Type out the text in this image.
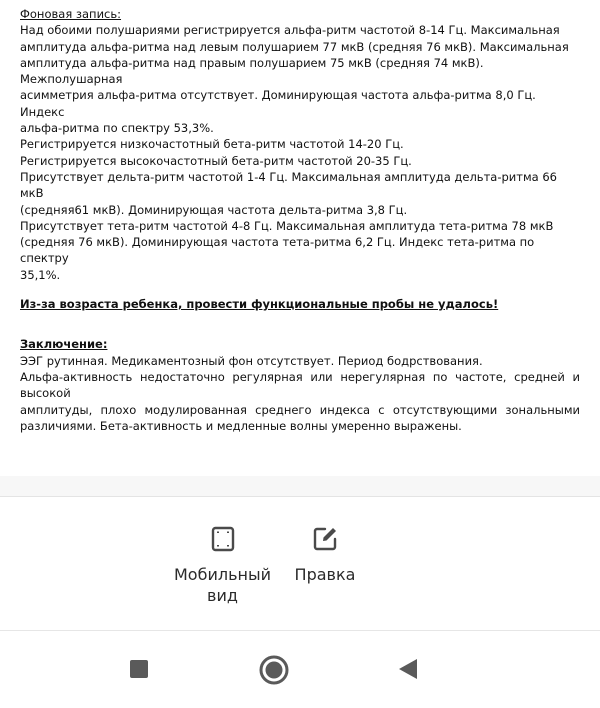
Фоновая запись:

Над обоими полушариями регистрируется альфа-ритм частотой 8-14 Гц. Максимальная

амплитуда альфа-ритма над левым полушарием 77 мкВ (средняя 76 мкВ). Максимальная

амплитуда альфа-ритма над правым полушарием 75 мкВ (средняя 74 мкВ). Межполушарная

асимметрия альфа-ритма отсутствует. Доминирующая частота альфа-ритма 8,0 Гц. Индекс

альфа-ритма по спектру 53,3%.

Регистрируется низкочастотный бета-ритм частотой 14-20 Гц.

Регистрируется высокочастотный бета-ритм частотой 20-35 Гц.

Присутствует дельта-ритм частотой 1-4 Гц. Максимальная амплитуда дельта-ритма 66 мкВ

(средняя61 мкВ). Доминирующая частота дельта-ритма 3,8 Гц.

Присутствует тета-ритм частотой 4-8 Гц. Максимальная амплитуда тета-ритма 78 мкВ

(средняя 76 мкВ). Доминирующая частота тета-ритма 6,2 Гц. Индекс тета-ритма по спектру

35,1%.

Из-за возраста ребенка, провести функциональные пробы не удалось!

Заключение:

ЭЭГ рутинная. Медикаментозный фон отсутствует. Период бодрствования.

Альфа-активность недостаточно регулярная или нерегулярная по частоте, средней и высокой

амплитуды, плохо модулированная среднего индекса с отсутствующими зональными

различиями. Бета-активность и медленные волны умеренно выражены.

Мобильный
вид
Правка
